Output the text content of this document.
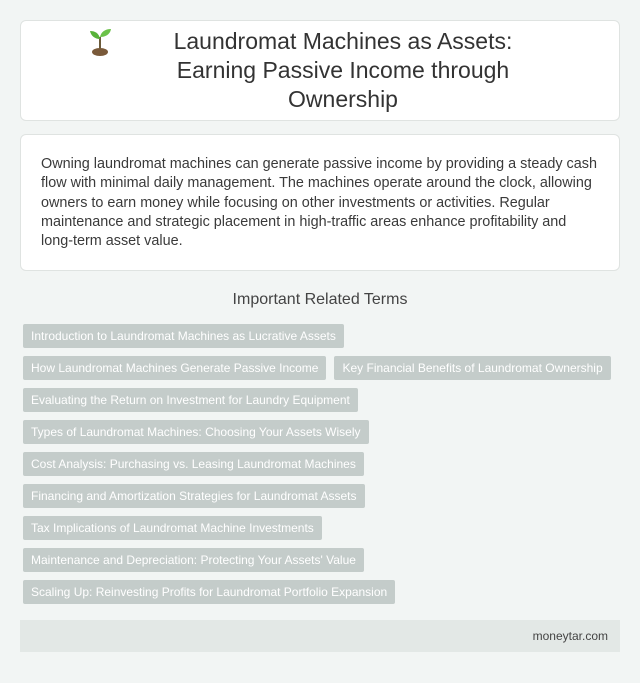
Laundromat Machines as Assets: Earning Passive Income through Ownership

Owning laundromat machines can generate passive income by providing a steady cash flow with minimal daily management. The machines operate around the clock, allowing owners to earn money while focusing on other investments or activities. Regular maintenance and strategic placement in high-traffic areas enhance profitability and long-term asset value.

Important Related Terms
Introduction to Laundromat Machines as Lucrative Assets
How Laundromat Machines Generate Passive Income	Key Financial Benefits of Laundromat Ownership
Evaluating the Return on Investment for Laundry Equipment
Types of Laundromat Machines: Choosing Your Assets Wisely
Cost Analysis: Purchasing vs. Leasing Laundromat Machines
Financing and Amortization Strategies for Laundromat Assets
Tax Implications of Laundromat Machine Investments
Maintenance and Depreciation: Protecting Your Assets' Value
Scaling Up: Reinvesting Profits for Laundromat Portfolio Expansion
moneytar.com
